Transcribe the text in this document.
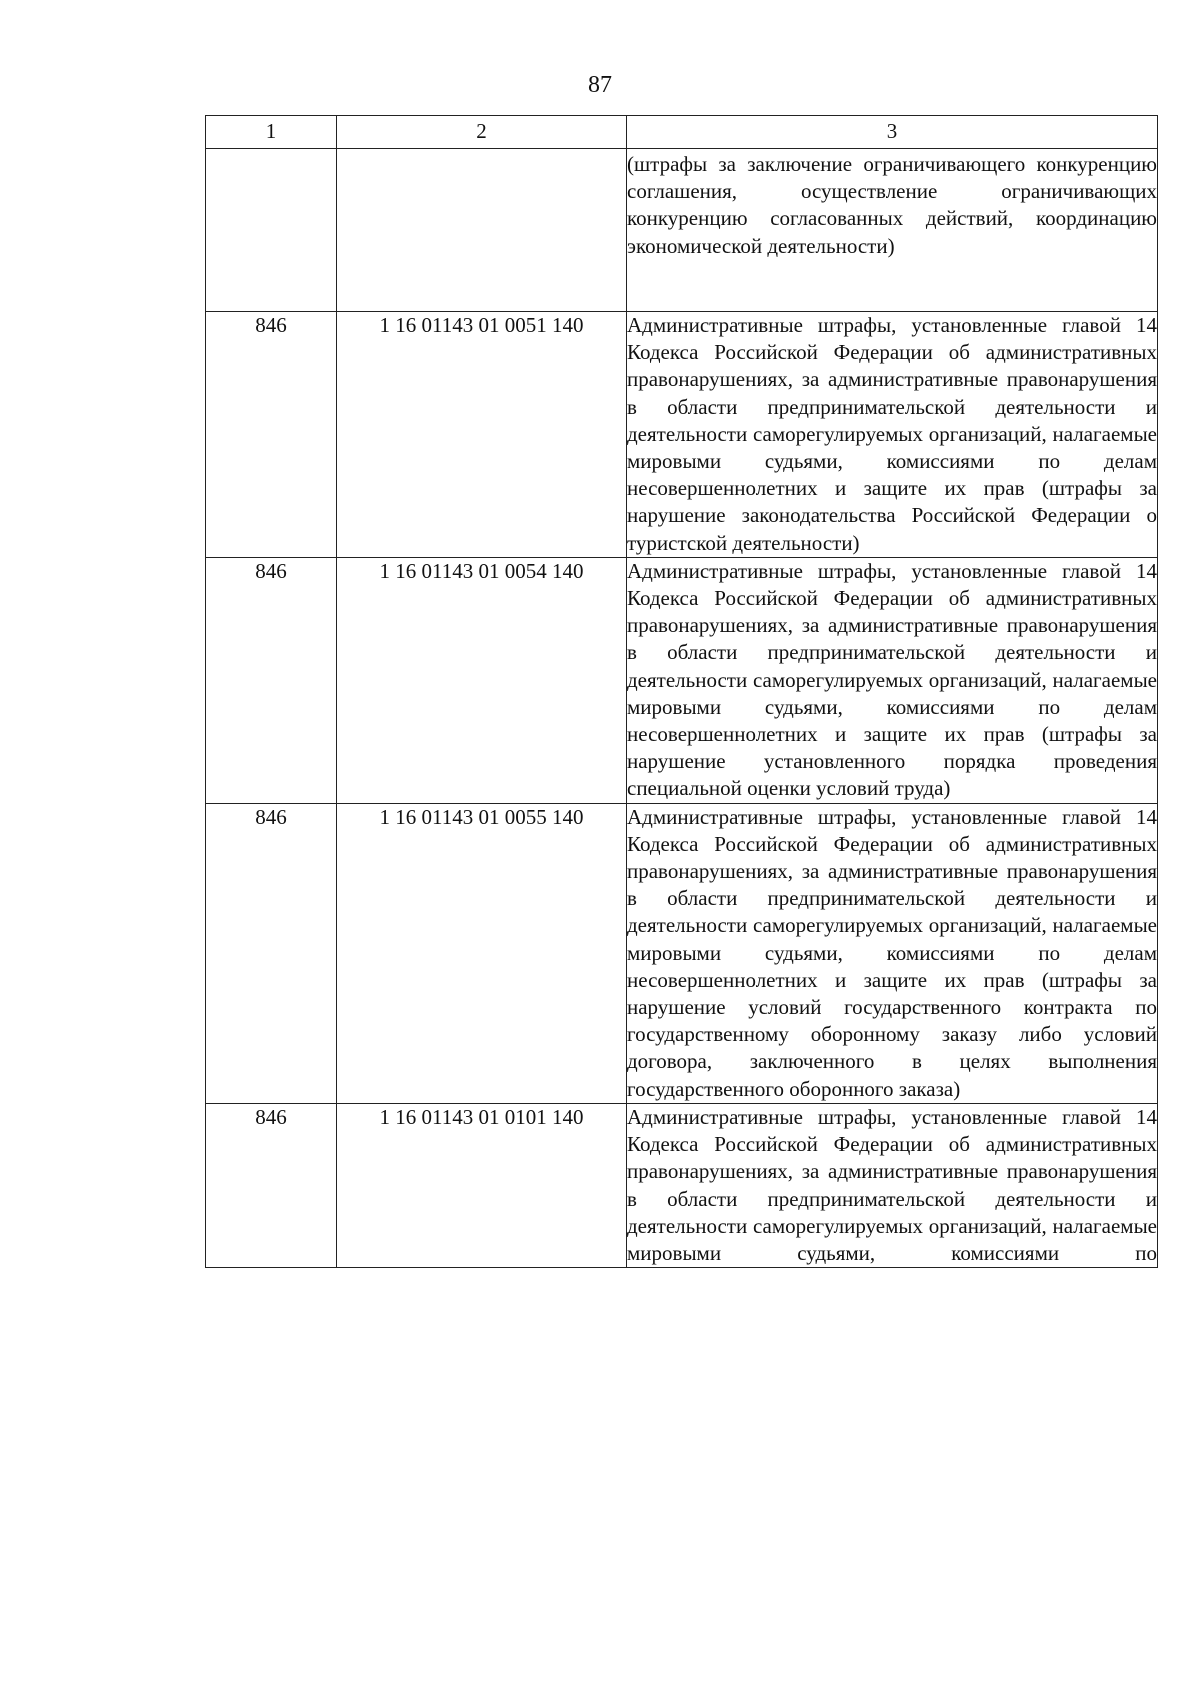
87
1	2	3
		(штрафы за заключение ограничивающего конкуренцию соглашения, осуществление ограничивающих конкуренцию согласованных действий, координацию экономической деятельности)
846	1 16 01143 01 0051 140	Административные штрафы, установленные главой 14 Кодекса Российской Федерации об административных правонарушениях, за административные правонарушения в области предпринимательской деятельности и деятельности саморегулируемых организаций, налагаемые мировыми судьями, комиссиями по делам несовершеннолетних и защите их прав (штрафы за нарушение законодательства Российской Федерации о туристской деятельности)
846	1 16 01143 01 0054 140	Административные штрафы, установленные главой 14 Кодекса Российской Федерации об административных правонарушениях, за административные правонарушения в области предпринимательской деятельности и деятельности саморегулируемых организаций, налагаемые мировыми судьями, комиссиями по делам несовершеннолетних и защите их прав (штрафы за нарушение установленного порядка проведения специальной оценки условий труда)
846	1 16 01143 01 0055 140	Административные штрафы, установленные главой 14 Кодекса Российской Федерации об административных правонарушениях, за административные правонарушения в области предпринимательской деятельности и деятельности саморегулируемых организаций, налагаемые мировыми судьями, комиссиями по делам несовершеннолетних и защите их прав (штрафы за нарушение условий государственного контракта по государственному оборонному заказу либо условий договора, заключенного в целях выполнения государственного оборонного заказа)
846	1 16 01143 01 0101 140	Административные штрафы, установленные главой 14 Кодекса Российской Федерации об административных правонарушениях, за административные правонарушения в области предпринимательской деятельности и деятельности саморегулируемых организаций, налагаемые мировыми судьями, комиссиями по
